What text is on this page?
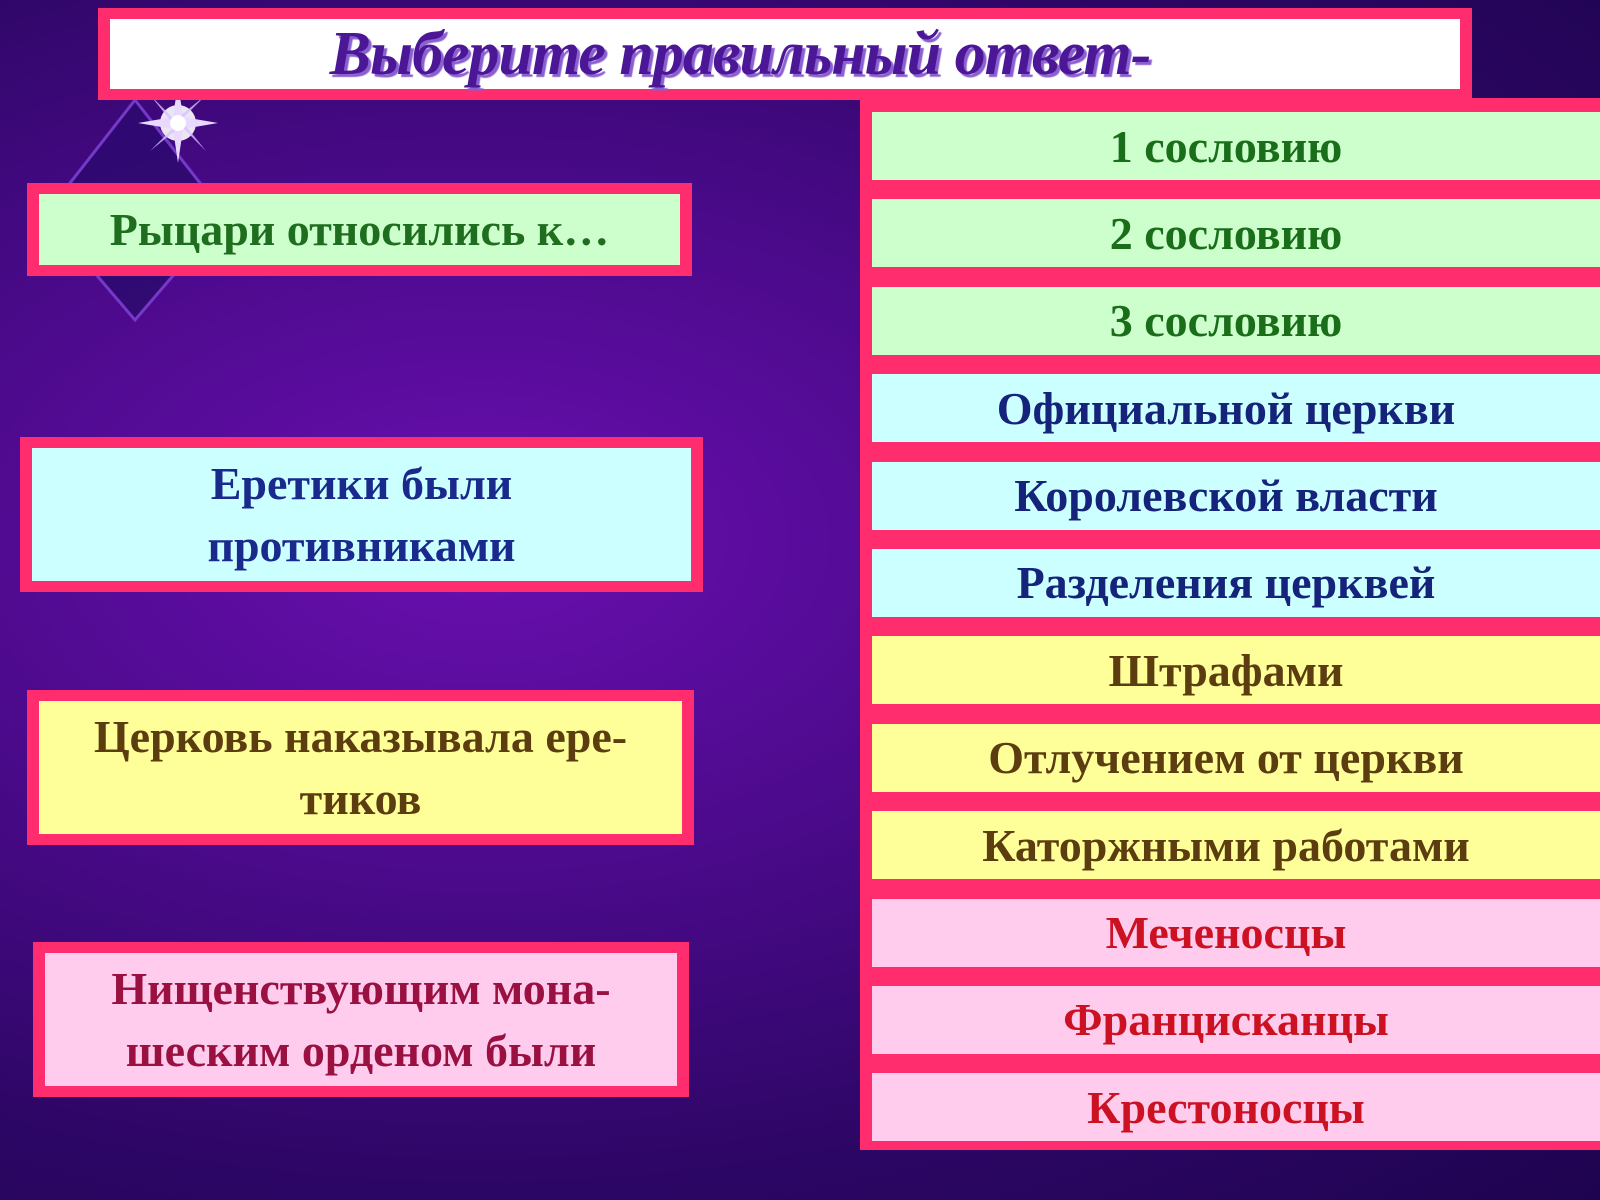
Выберите правильный ответ-
Рыцари относились к…
Еретики были
противниками
Церковь наказывала ере-
тиков
Нищенствующим мона-
шеским орденом были
1 сословию
2 сословию
3 сословию
Официальной церкви
Королевской власти
Разделения церквей
Штрафами
Отлучением от церкви
Каторжными работами
Меченосцы
Францисканцы
Крестоносцы
